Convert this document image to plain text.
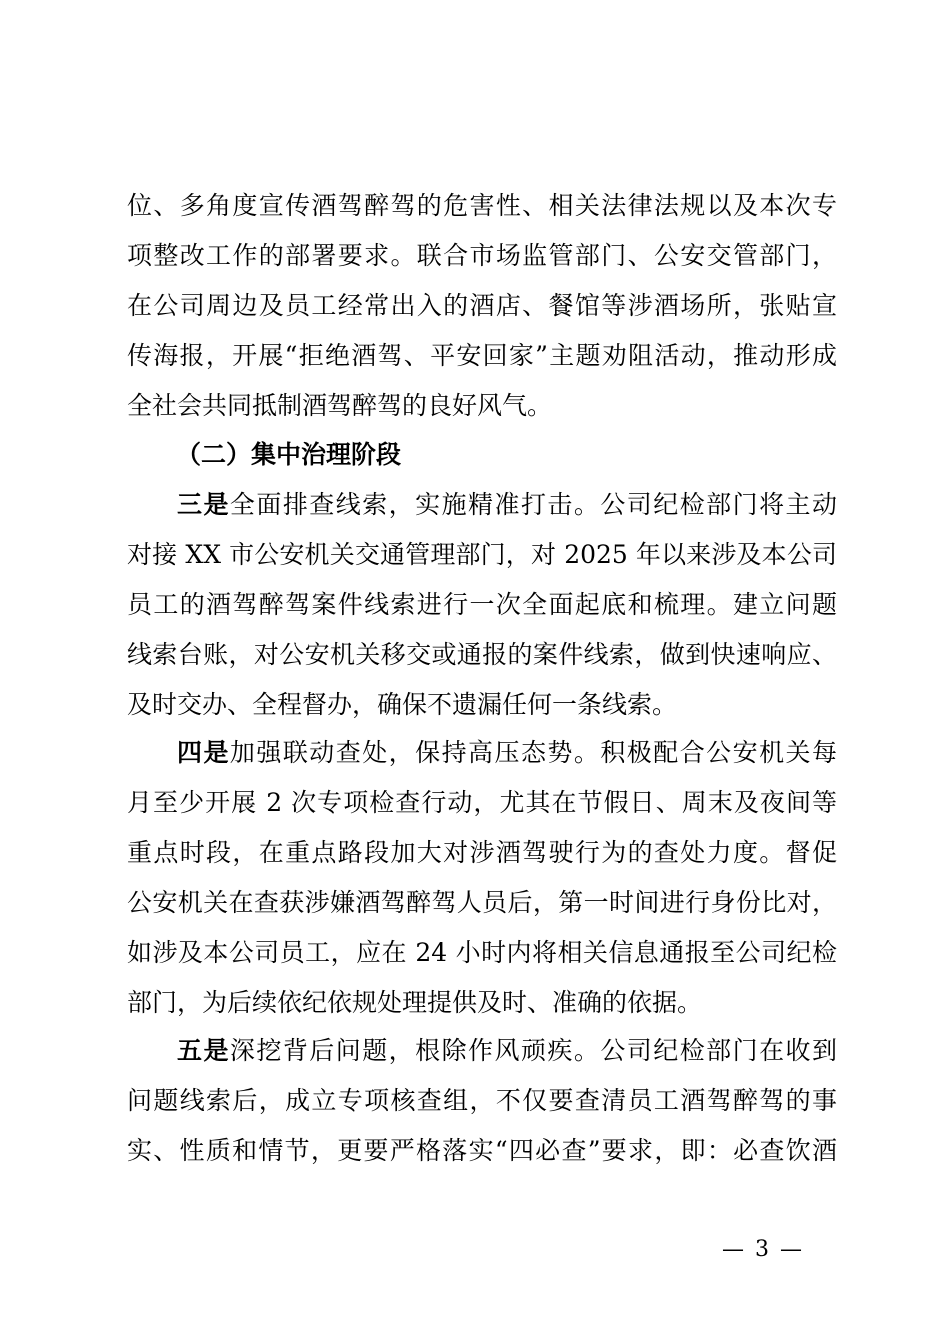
位、多角度宣传酒驾醉驾的危害性、相关法律法规以及本次专
项整改工作的部署要求。联合市场监管部门、公安交管部门，
在公司周边及员工经常出入的酒店、餐馆等涉酒场所，张贴宣
传海报，开展“拒绝酒驾、平安回家”主题劝阻活动，推动形成
全社会共同抵制酒驾醉驾的良好风气。
（二）集中治理阶段
三是全面排查线索，实施精准打击。公司纪检部门将主动
对接 XX 市公安机关交通管理部门，对 2025 年以来涉及本公司
员工的酒驾醉驾案件线索进行一次全面起底和梳理。建立问题
线索台账，对公安机关移交或通报的案件线索，做到快速响应、
及时交办、全程督办，确保不遗漏任何一条线索。
四是加强联动查处，保持高压态势。积极配合公安机关每
月至少开展 2 次专项检查行动，尤其在节假日、周末及夜间等
重点时段，在重点路段加大对涉酒驾驶行为的查处力度。督促
公安机关在查获涉嫌酒驾醉驾人员后，第一时间进行身份比对，
如涉及本公司员工，应在 24 小时内将相关信息通报至公司纪检
部门，为后续依纪依规处理提供及时、准确的依据。
五是深挖背后问题，根除作风顽疾。公司纪检部门在收到
问题线索后，成立专项核查组，不仅要查清员工酒驾醉驾的事
实、性质和情节，更要严格落实“四必查”要求，即：必查饮酒
— 3 —
